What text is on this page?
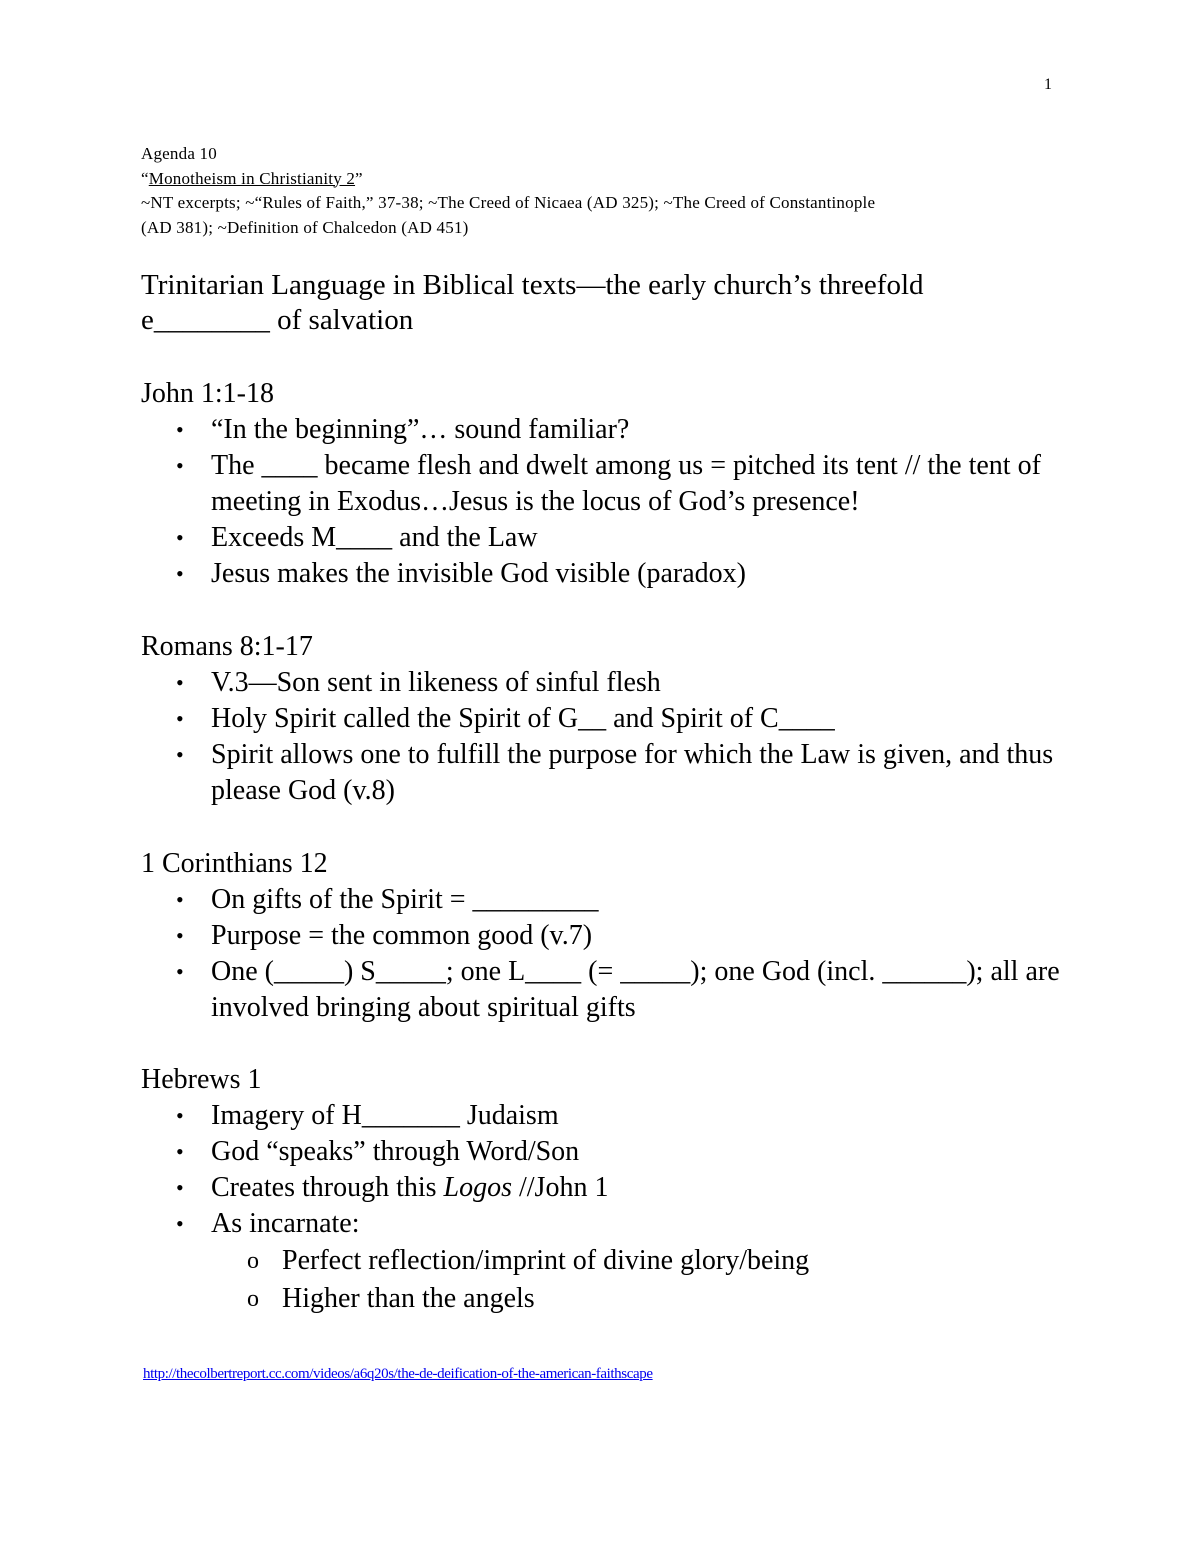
1
Agenda 10
“Monotheism in Christianity 2”
~NT excerpts; ~“Rules of Faith,” 37-38; ~The Creed of Nicaea (AD 325); ~The Creed of Constantinople
(AD 381); ~Definition of Chalcedon (AD 451)
Trinitarian Language in Biblical texts—the early church’s threefold
e________ of salvation
John 1:1-18
• “In the beginning”… sound familiar?
• The ____ became flesh and dwelt among us = pitched its tent // the tent of meeting in Exodus…Jesus is the locus of God’s presence!
• Exceeds M____ and the Law
• Jesus makes the invisible God visible (paradox)
Romans 8:1-17
• V.3—Son sent in likeness of sinful flesh
• Holy Spirit called the Spirit of G__ and Spirit of C____
• Spirit allows one to fulfill the purpose for which the Law is given, and thus please God (v.8)
1 Corinthians 12
• On gifts of the Spirit = _________
• Purpose = the common good (v.7)
• One (_____) S_____; one L____ (= _____); one God (incl. ______); all are involved bringing about spiritual gifts
Hebrews 1
• Imagery of H_______ Judaism
• God “speaks” through Word/Son
• Creates through this Logos //John 1
• As incarnate:
o Perfect reflection/imprint of divine glory/being
o Higher than the angels
http://thecolbertreport.cc.com/videos/a6q20s/the-de-deification-of-the-american-faithscape
